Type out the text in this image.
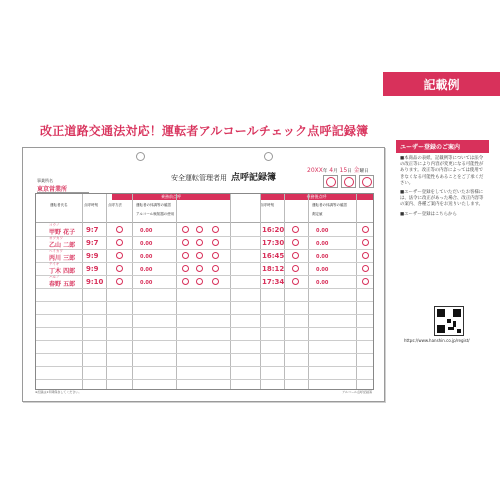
記載例
改正道路交通法対応！運転者アルコールチェック点呼記録簿
安全運転管理者用 点呼記録簿
20XX年 4月 15日 金曜日
事業所名
東京営業所
乗務前点呼	乗務後点呼
運転者氏名	点呼時刻	点呼方法	運転者の体調等の確認
アルコール検知器の使用
点呼時刻	運転者の体調等の確認
測定値
コウノ
甲野 花子 9:7	0.00	16:20	0.00
オツカワ
乙山 二郎 9:7	0.00	17:30	0.00
ヘイカワ
丙川 三郎 9:9	0.00	16:45	0.00
テイキ
丁木 四郎 9:9	0.00	18:12	0.00
ハルノ
春野 五郎 9:10	0.00	17:34	0.00
※記録は1年間保存してください。	アルコール点呼記録簿
ユーザー登録のご案内

■本商品の表紙、記載例等については法令の改正等により内容が変更になる可能性があります。改正等の内容によっては使用できなくなる可能性もあることをご了承ください。

■ユーザー登録をしていただいたお客様には、法令に改正があった場合、改正内容等の案内、各種ご案内をお送りいたします。

■ユーザー登録はこちらから

https://www.hanshin.co.jp/regist/
